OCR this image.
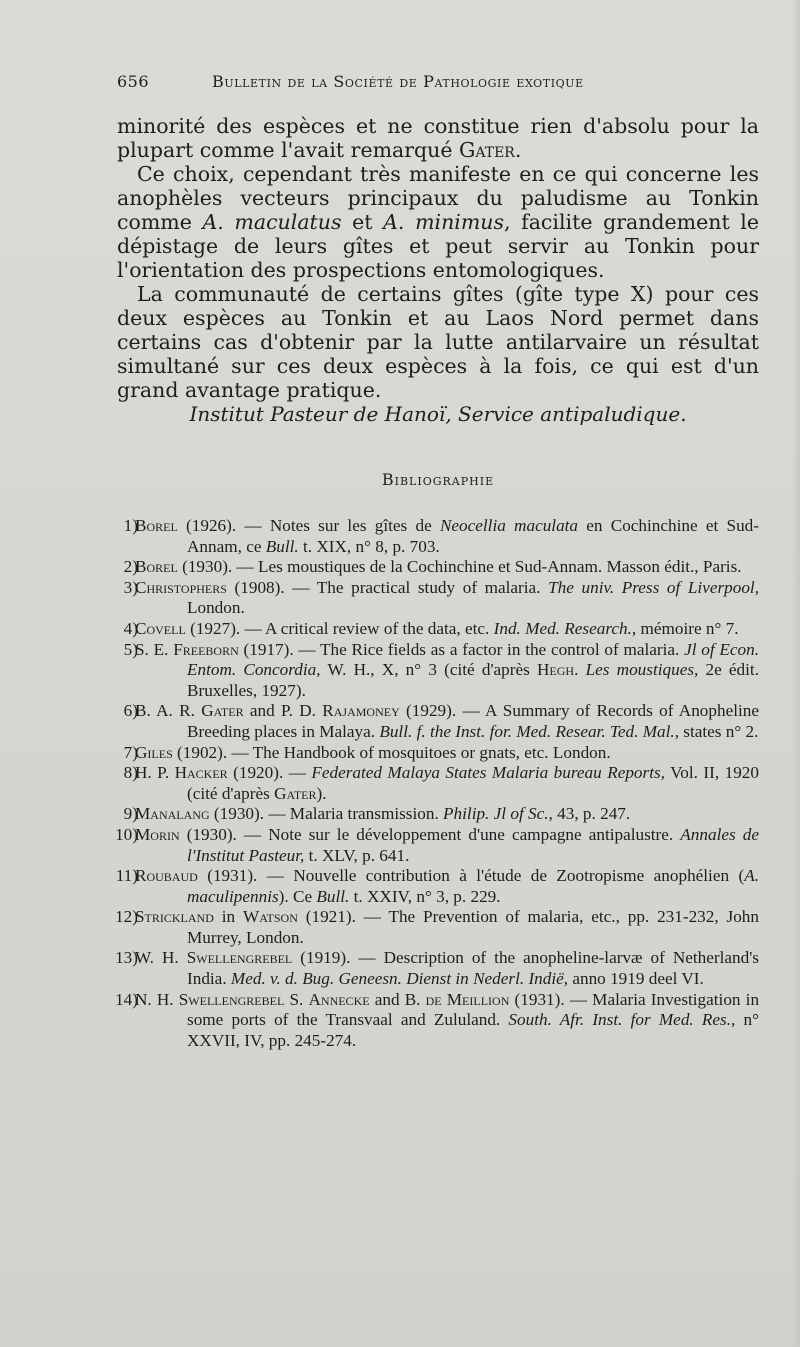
656	Bulletin de la Société de Pathologie exotique

minorité des espèces et ne constitue rien d'absolu pour la plupart comme l'avait remarqué Gater.

Ce choix, cependant très manifeste en ce qui concerne les anophèles vecteurs principaux du paludisme au Tonkin comme A. maculatus et A. minimus, facilite grandement le dépistage de leurs gîtes et peut servir au Tonkin pour l'orientation des prospections entomologiques.

La communauté de certains gîtes (gîte type X) pour ces deux espèces au Tonkin et au Laos Nord permet dans certains cas d'obtenir par la lutte antilarvaire un résultat simultané sur ces deux espèces à la fois, ce qui est d'un grand avantage pratique.

Institut Pasteur de Hanoï, Service antipaludique.
Bibliographie
1)
Borel (1926). — Notes sur les gîtes de Neocellia maculata en Cochinchine et Sud-Annam, ce Bull. t. XIX, n° 8, p. 703.
2)
Borel (1930). — Les moustiques de la Cochinchine et Sud-Annam. Masson édit., Paris.
3)
Christophers (1908). — The practical study of malaria. The univ. Press of Liverpool, London.
4)
Covell (1927). — A critical review of the data, etc. Ind. Med. Research., mémoire n° 7.
5)
S. E. Freeborn (1917). — The Rice fields as a factor in the control of malaria. Jl of Econ. Entom. Concordia, W. H., X, n° 3 (cité d'après Hegh. Les moustiques, 2e édit. Bruxelles, 1927).
6)
B. A. R. Gater and P. D. Rajamoney (1929). — A Summary of Records of Anopheline Breeding places in Malaya. Bull. f. the Inst. for. Med. Resear. Ted. Mal., states n° 2.
7)
Giles (1902). — The Handbook of mosquitoes or gnats, etc. London.
8)
H. P. Hacker (1920). — Federated Malaya States Malaria bureau Reports, Vol. II, 1920 (cité d'après Gater).
9)
Manalang (1930). — Malaria transmission. Philip. Jl of Sc., 43, p. 247.
10)
Morin (1930). — Note sur le développement d'une campagne antipalustre. Annales de l'Institut Pasteur, t. XLV, p. 641.
11)
Roubaud (1931). — Nouvelle contribution à l'étude de Zootropisme anophélien (A. maculipennis). Ce Bull. t. XXIV, n° 3, p. 229.
12)
Strickland in Watson (1921). — The Prevention of malaria, etc., pp. 231-232, John Murrey, London.
13)
W. H. Swellengrebel (1919). — Description of the anopheline-larvæ of Netherland's India. Med. v. d. Bug. Geneesn. Dienst in Nederl. Indië, anno 1919 deel VI.
14)
N. H. Swellengrebel S. Annecke and B. de Meillion (1931). — Malaria Investigation in some ports of the Transvaal and Zululand. South. Afr. Inst. for Med. Res., n° XXVII, IV, pp. 245-274.
